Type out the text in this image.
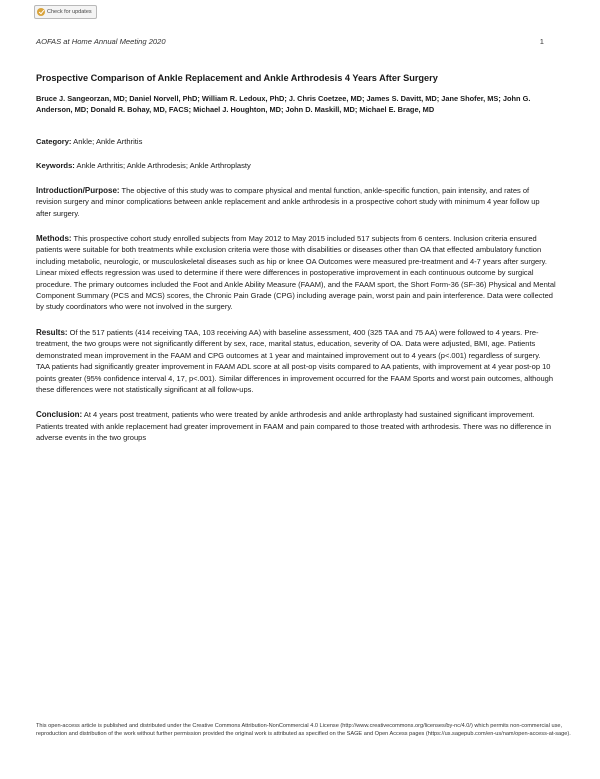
Check for updates
AOFAS at Home Annual Meeting 2020	1
Prospective Comparison of Ankle Replacement and Ankle Arthrodesis 4 Years After Surgery

Bruce J. Sangeorzan, MD; Daniel Norvell, PhD; William R. Ledoux, PhD; J. Chris Coetzee, MD; James S. Davitt, MD; Jane Shofer, MS; John G. Anderson, MD; Donald R. Bohay, MD, FACS; Michael J. Houghton, MD; John D. Maskill, MD; Michael E. Brage, MD

Category: Ankle; Ankle Arthritis

Keywords: Ankle Arthritis; Ankle Arthrodesis; Ankle Arthroplasty

Introduction/Purpose: The objective of this study was to compare physical and mental function, ankle-specific function, pain intensity, and rates of revision surgery and minor complications between ankle replacement and ankle arthrodesis in a prospective cohort study with minimum 4 year follow up after surgery.

Methods: This prospective cohort study enrolled subjects from May 2012 to May 2015 included 517 subjects from 6 centers. Inclusion criteria ensured patients were suitable for both treatments while exclusion criteria were those with disabilities or diseases other than OA that effected ambulatory function including metabolic, neurologic, or musculoskeletal diseases such as hip or knee OA Outcomes were measured pre-treatment and 4-7 years after surgery. Linear mixed effects regression was used to determine if there were differences in postoperative improvement in each continuous outcome by surgical procedure. The primary outcomes included the Foot and Ankle Ability Measure (FAAM), and the FAAM sport, the Short Form-36 (SF-36) Physical and Mental Component Summary (PCS and MCS) scores, the Chronic Pain Grade (CPG) including average pain, worst pain and pain interference. Data were collected by study coordinators who were not involved in the surgery.

Results: Of the 517 patients (414 receiving TAA, 103 receiving AA) with baseline assessment, 400 (325 TAA and 75 AA) were followed to 4 years. Pre-treatment, the two groups were not significantly different by sex, race, marital status, education, severity of OA. Data were adjusted, BMI, age. Patients demonstrated mean improvement in the FAAM and CPG outcomes at 1 year and maintained improvement out to 4 years (p<.001) regardless of surgery. TAA patients had significantly greater improvement in FAAM ADL score at all post-op visits compared to AA patients, with improvement at 4 year post-op 10 points greater (95% confidence interval 4, 17, p<.001). Similar differences in improvement occurred for the FAAM Sports and worst pain outcomes, although these differences were not statistically significant at all follow-ups.

Conclusion: At 4 years post treatment, patients who were treated by ankle arthrodesis and ankle arthroplasty had sustained significant improvement. Patients treated with ankle replacement had greater improvement in FAAM and pain compared to those treated with arthrodesis. There was no difference in adverse events in the two groups

This open-access article is published and distributed under the Creative Commons Attribution-NonCommercial 4.0 License (http://www.creativecommons.org/licenses/by-nc/4.0/) which permits non-commercial use, reproduction and distribution of the work without further permission provided the original work is attributed as specified on the SAGE and Open Access pages (https://us.sagepub.com/en-us/nam/open-access-at-sage).
